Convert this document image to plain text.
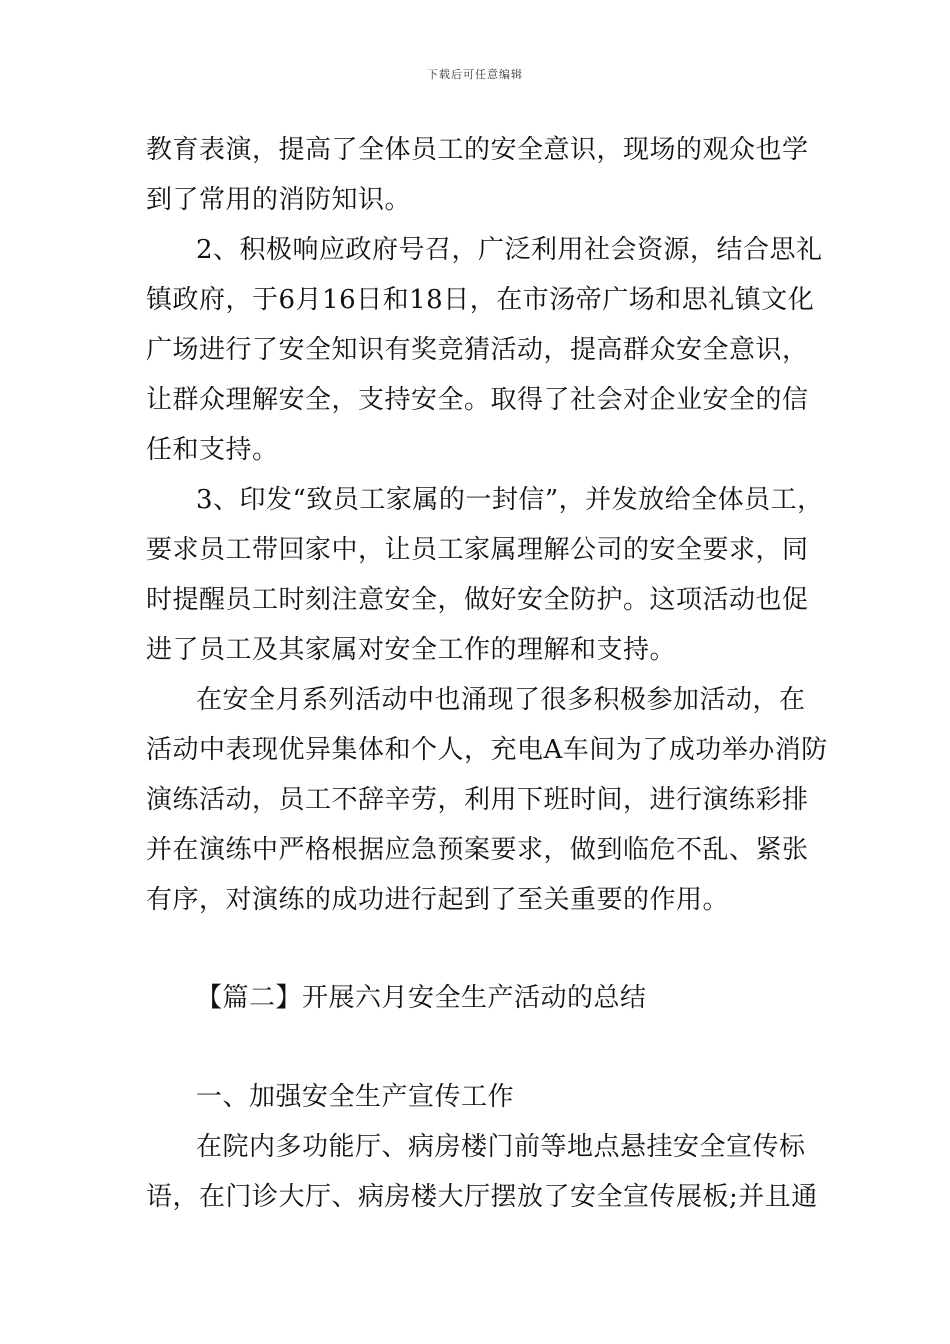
下载后可任意编辑
教育表演，提高了全体员工的安全意识，现场的观众也学
到了常用的消防知识。
2、积极响应政府号召，广泛利用社会资源，结合思礼
镇政府，于6月16日和18日，在市汤帝广场和思礼镇文化
广场进行了安全知识有奖竞猜活动，提高群众安全意识，
让群众理解安全，支持安全。取得了社会对企业安全的信
任和支持。
3、印发“致员工家属的一封信”，并发放给全体员工，
要求员工带回家中，让员工家属理解公司的安全要求，同
时提醒员工时刻注意安全，做好安全防护。这项活动也促
进了员工及其家属对安全工作的理解和支持。
在安全月系列活动中也涌现了很多积极参加活动，在
活动中表现优异集体和个人，充电A车间为了成功举办消防
演练活动，员工不辞辛劳，利用下班时间，进行演练彩排
并在演练中严格根据应急预案要求，做到临危不乱、紧张
有序，对演练的成功进行起到了至关重要的作用。
【篇二】开展六月安全生产活动的总结
一、加强安全生产宣传工作
在院内多功能厅、病房楼门前等地点悬挂安全宣传标
语，在门诊大厅、病房楼大厅摆放了安全宣传展板;并且通
